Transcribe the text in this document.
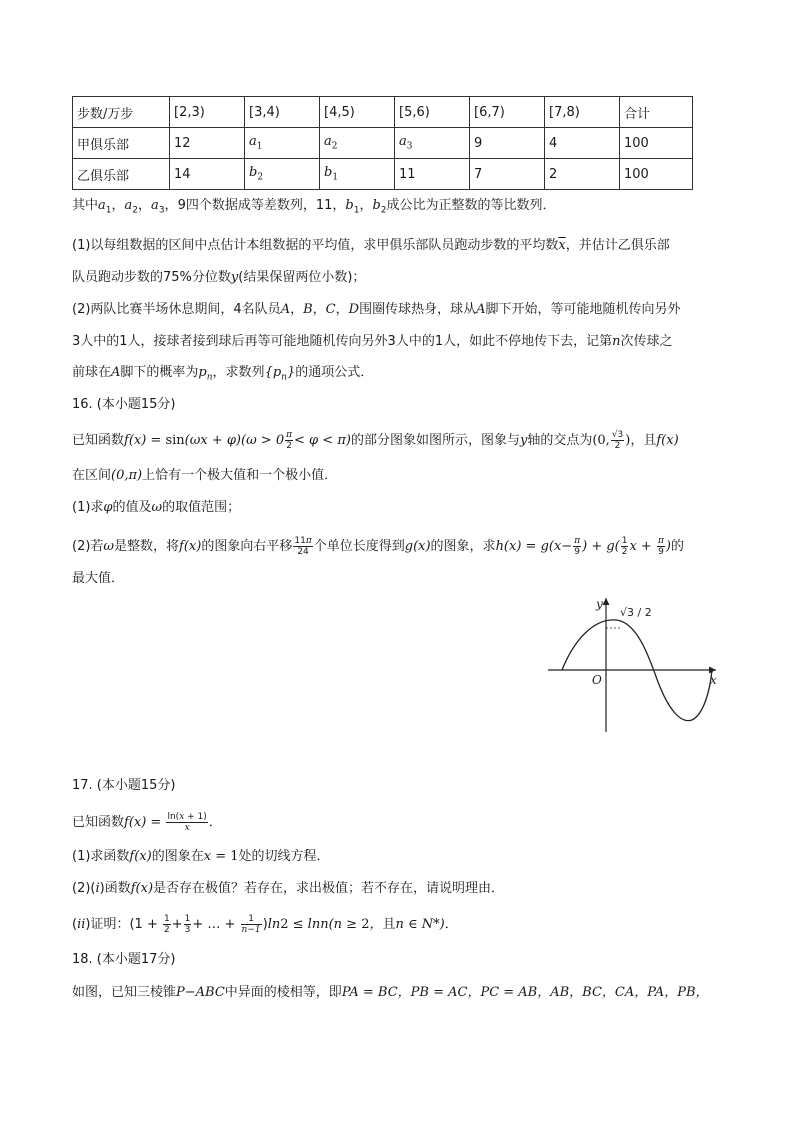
步数/万步	[2,3)	[3,4)	[4,5)	[5,6)	[6,7)	[7,8)	合计
甲俱乐部	12	$a_1$	$a_2$	$a_3$	9	4	100
乙俱乐部	14	$b_2$	$b_1$	11	7	2	100
其中$a_1$，$a_2$，$a_3$，9四个数据成等差数列，11，$b_1$，$b_2$成公比为正整数的等比数列．
(1)以每组数据的区间中点估计本组数据的平均值，求甲俱乐部队员跑动步数的平均数$\overline{x}$，并估计乙俱乐部
队员跑动步数的75%分位数y(结果保留两位小数)；
(2)两队比赛半场休息期间，4名队员A，B，C，D围圈传球热身，球从A脚下开始，等可能地随机传向另外
3人中的1人，接球者接到球后再等可能地随机传向另外3人中的1人，如此不停地传下去，记第n次传球之
前球在A脚下的概率为$p_n$，求数列$\{p_n\}$的通项公式．
16. (本小题15分)
已知函数$f(x) = \sin(\omega x + \varphi)(\omega > 0 \frac{\pi}{2} < \varphi < \pi)$的部分图象如图所示，图象与y轴的交点为(0, $\frac{√3}{2}$ )，且f(x)
在区间(0,π)上恰有一个极大值和一个极小值．
(1)求φ的值及ω的取值范围；
(2)若ω是整数，将f(x)的图象向右平移 $\frac{11\pi}{24}$ 个单位长度得到g(x)的图象，求$h(x) = g(x- \frac{\pi}{9}$ ) + $g( \frac{1}{2}$ $x + \frac{\pi}{9}$ )的
最大值．
y
x
O
√3 / 2
17. (本小题15分)
已知函数$f(x) = \frac{\ln(x + 1)}{x}$ ．
(1)求函数f(x)的图象在x = 1处的切线方程．
(2)(i)函数f(x)是否存在极值？若存在，求出极值；若不存在，请说明理由．
(ii)证明：($1 + \frac{1}{2} + \frac{1}{3}$ + … + $\frac{1}{n-1} )\ln 2 \le \ln n(n \ge 2$，且n ∈ N*)．
18. (本小题17分)
如图，已知三棱锥P−ABC中异面的棱相等，即PA = BC，PB = AC，PC = AB，AB，BC，CA，PA，PB，
